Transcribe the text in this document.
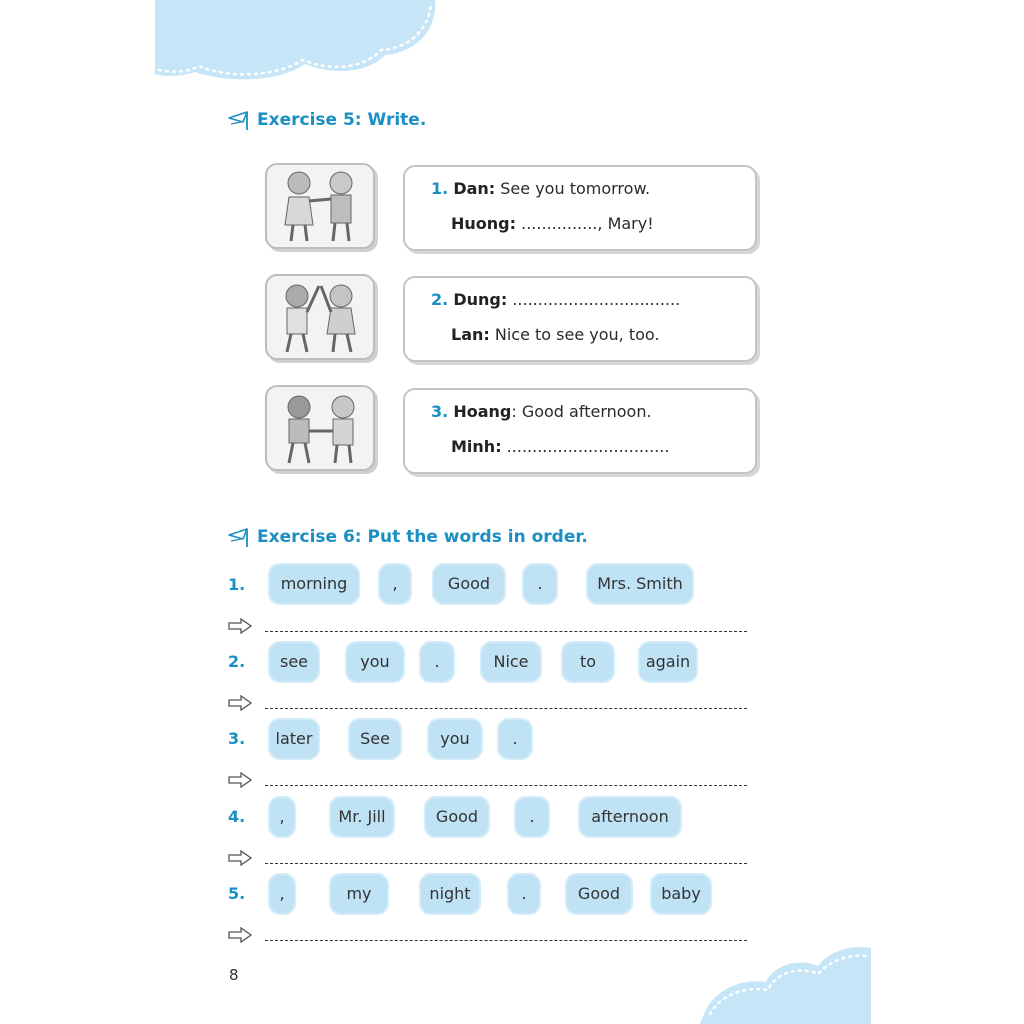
Exercise 5: Write.
1. Dan: See you tomorrow.
Huong: ..............., Mary!
2. Dung: .................................
Lan: Nice to see you, too.
3. Hoang: Good afternoon.
Minh: ................................
Exercise 6: Put the words in order.
1.	morning	,	Good	.	Mrs. Smith
2.	see	you	.	Nice	to	again
3.	later	See	you	.
4.	,	Mr. Jill	Good	.	afternoon
5.	,	my	night	.	Good	baby
8
